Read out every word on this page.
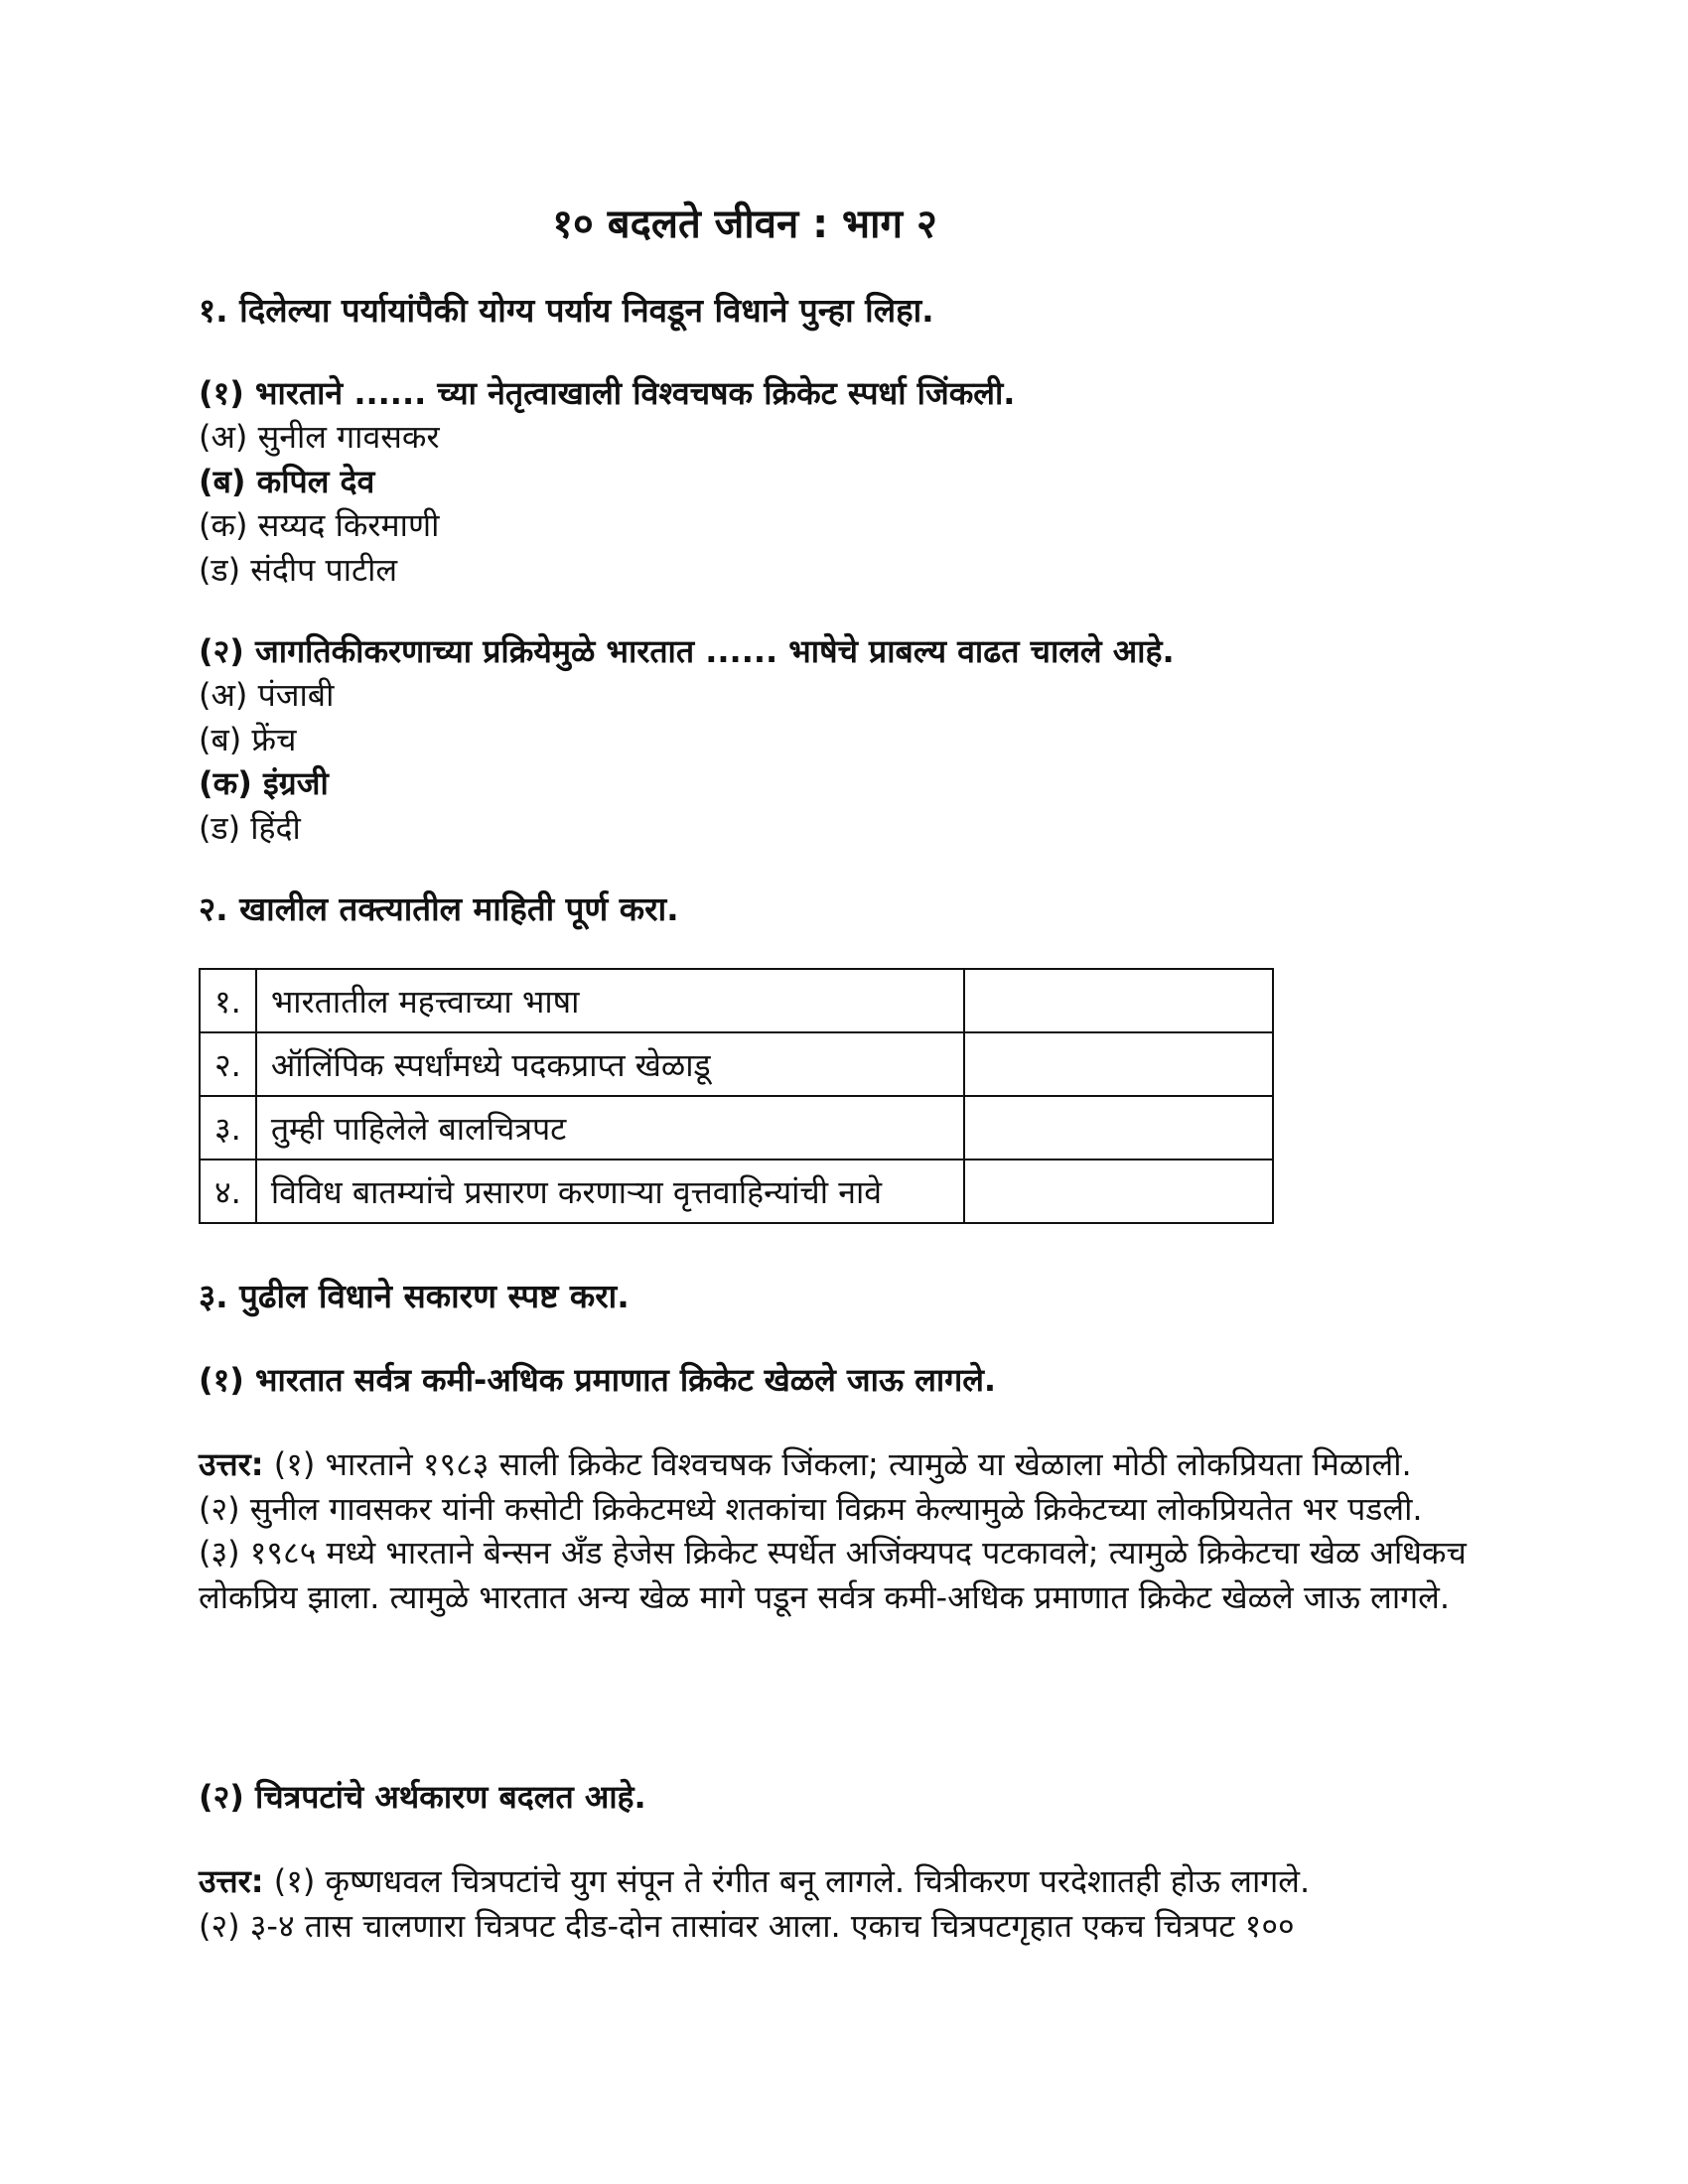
१० बदलते जीवन : भाग २
१. दिलेल्या पर्यायांपैकी योग्य पर्याय निवडून विधाने पुन्हा लिहा.
(१) भारताने ...... च्या नेतृत्वाखाली विश्वचषक क्रिकेट स्पर्धा जिंकली.
(अ) सुनील गावसकर
(ब) कपिल देव
(क) सय्यद किरमाणी
(ड) संदीप पाटील
(२) जागतिकीकरणाच्या प्रक्रियेमुळे भारतात ...... भाषेचे प्राबल्य वाढत चालले आहे.
(अ) पंजाबी
(ब) फ्रेंच
(क) इंग्रजी
(ड) हिंदी
२. खालील तक्त्यातील माहिती पूर्ण करा.
१.	भारतातील महत्त्वाच्या भाषा	
२.	ऑलिंपिक स्पर्धांमध्ये पदकप्राप्त खेळाडू	
३.	तुम्ही पाहिलेले बालचित्रपट	
४.	विविध बातम्यांचे प्रसारण करणाऱ्या वृत्तवाहिन्यांची नावे	
३. पुढील विधाने सकारण स्पष्ट करा.
(१) भारतात सर्वत्र कमी-अधिक प्रमाणात क्रिकेट खेळले जाऊ लागले.

उत्तर: (१) भारताने १९८३ साली क्रिकेट विश्वचषक जिंकला; त्यामुळे या खेळाला मोठी लोकप्रियता मिळाली.

(२) सुनील गावसकर यांनी कसोटी क्रिकेटमध्ये शतकांचा विक्रम केल्यामुळे क्रिकेटच्या लोकप्रियतेत भर पडली.

(३) १९८५ मध्ये भारताने बेन्सन अँड हेजेस क्रिकेट स्पर्धेत अजिंक्यपद पटकावले; त्यामुळे क्रिकेटचा खेळ अधिकच लोकप्रिय झाला. त्यामुळे भारतात अन्य खेळ मागे पडून सर्वत्र कमी-अधिक प्रमाणात क्रिकेट खेळले जाऊ लागले.

(२) चित्रपटांचे अर्थकारण बदलत आहे.

उत्तर: (१) कृष्णधवल चित्रपटांचे युग संपून ते रंगीत बनू लागले. चित्रीकरण परदेशातही होऊ लागले.

(२) ३-४ तास चालणारा चित्रपट दीड-दोन तासांवर आला. एकाच चित्रपटगृहात एकच चित्रपट १००
